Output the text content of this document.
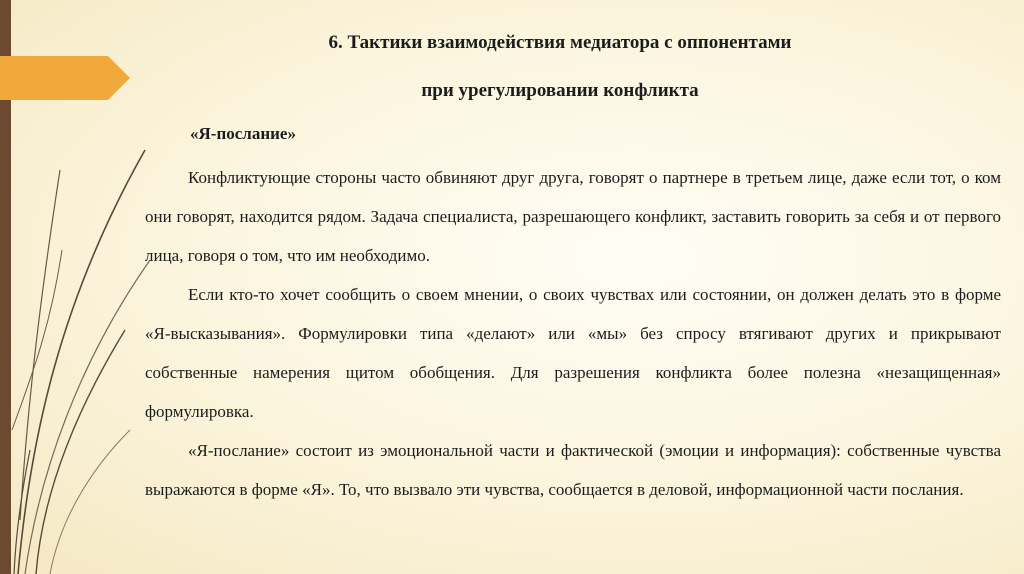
6. Тактики взаимодействия медиатора с оппонентами
при урегулировании конфликта
«Я-послание»

Конфликтующие стороны часто обвиняют друг друга, говорят о партнере в третьем лице, даже если тот, о ком они говорят, находится рядом. Задача специалиста, разрешающего конфликт, заставить говорить за себя и от первого лица, говоря о том, что им необходимо.

Если кто-то хочет сообщить о своем мнении, о своих чувствах или состоянии, он должен делать это в форме «Я-высказывания». Формулировки типа «делают» или «мы» без спросу втягивают других и прикрывают собственные намерения щитом обобщения. Для разрешения конфликта более полезна «незащищенная» формулировка.

«Я-послание» состоит из эмоциональной части и фактической (эмоции и информация): собственные чувства выражаются в форме «Я». То, что вызвало эти чувства, сообщается в деловой, информационной части послания.
